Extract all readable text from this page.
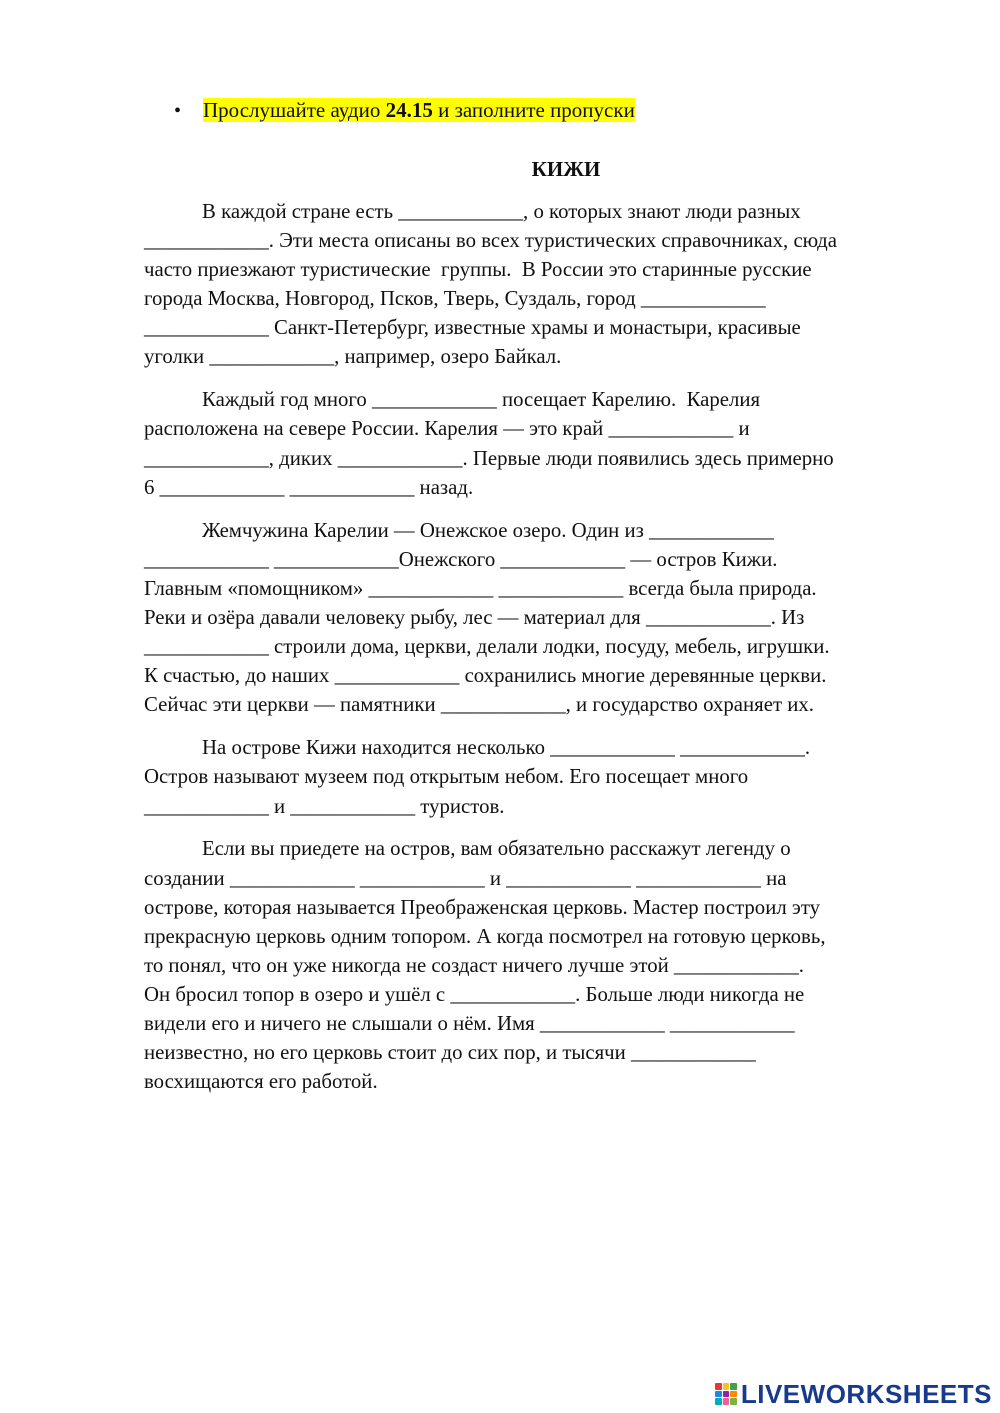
• Прослушайте аудио 24.15 и заполните пропуски
КИЖИ

В каждой стране есть ____________, о которых знают люди разных

____________. Эти места описаны во всех туристических справочниках, сюда

часто приезжают туристические  группы.  В России это старинные русские

города Москва, Новгород, Псков, Тверь, Суздаль, город ____________

____________ Санкт-Петербург, известные храмы и монастыри, красивые

уголки ____________, например, озеро Байкал.

Каждый год много ____________ посещает Карелию.  Карелия

расположена на севере России. Карелия — это край ____________ и

____________, диких ____________. Первые люди появились здесь примерно

6 ____________ ____________ назад.

Жемчужина Карелии — Онежское озеро. Один из ____________

____________ ____________Онежского ____________ — остров Кижи.

Главным «помощником» ____________ ____________ всегда была природа.

Реки и озёра давали человеку рыбу, лес — материал для ____________. Из

____________ строили дома, церкви, делали лодки, посуду, мебель, игрушки.

К счастью, до наших ____________ сохранились многие деревянные церкви.

Сейчас эти церкви — памятники ____________, и государство охраняет их.

На острове Кижи находится несколько ____________ ____________.

Остров называют музеем под открытым небом. Его посещает много

____________ и ____________ туристов.

Если вы приедете на остров, вам обязательно расскажут легенду о

создании ____________ ____________ и ____________ ____________ на

острове, которая называется Преображенская церковь. Мастер построил эту

прекрасную церковь одним топором. А когда посмотрел на готовую церковь,

то понял, что он уже никогда не создаст ничего лучше этой ____________.

Он бросил топор в озеро и ушёл с ____________. Больше люди никогда не

видели его и ничего не слышали о нём. Имя ____________ ____________

неизвестно, но его церковь стоит до сих пор, и тысячи ____________

восхищаются его работой.

LIVEWORKSHEETS
